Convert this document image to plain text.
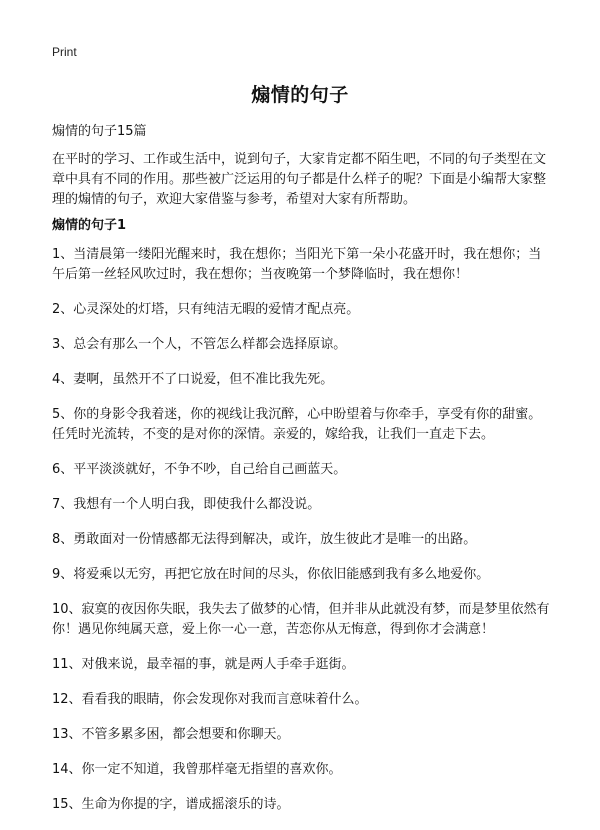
Print
煽情的句子
煽情的句子15篇

在平时的学习、工作或生活中，说到句子，大家肯定都不陌生吧，不同的句子类型在文章中具有不同的作用。那些被广泛运用的句子都是什么样子的呢？下面是小编帮大家整理的煽情的句子，欢迎大家借鉴与参考，希望对大家有所帮助。

煽情的句子1
1、当清晨第一缕阳光醒来时，我在想你；当阳光下第一朵小花盛开时，我在想你；当午后第一丝轻风吹过时，我在想你；当夜晚第一个梦降临时，我在想你！
2、心灵深处的灯塔，只有纯洁无暇的爱情才配点亮。
3、总会有那么一个人，不管怎么样都会选择原谅。
4、妻啊，虽然开不了口说爱，但不准比我先死。
5、你的身影令我着迷，你的视线让我沉醉，心中盼望着与你牵手，享受有你的甜蜜。任凭时光流转，不变的是对你的深情。亲爱的，嫁给我，让我们一直走下去。
6、平平淡淡就好，不争不吵，自己给自己画蓝天。
7、我想有一个人明白我，即使我什么都没说。
8、勇敢面对一份情感都无法得到解决，或许，放生彼此才是唯一的出路。
9、将爱乘以无穷，再把它放在时间的尽头，你依旧能感到我有多么地爱你。
10、寂寞的夜因你失眠，我失去了做梦的心情，但并非从此就没有梦，而是梦里依然有你！遇见你纯属天意，爱上你一心一意，苦恋你从无悔意，得到你才会满意！
11、对俄来说，最幸福的事，就是两人手牵手逛街。
12、看看我的眼睛，你会发现你对我而言意味着什么。
13、不管多累多困，都会想要和你聊天。
14、你一定不知道，我曾那样毫无指望的喜欢你。
15、生命为你提的字，谱成摇滚乐的诗。
